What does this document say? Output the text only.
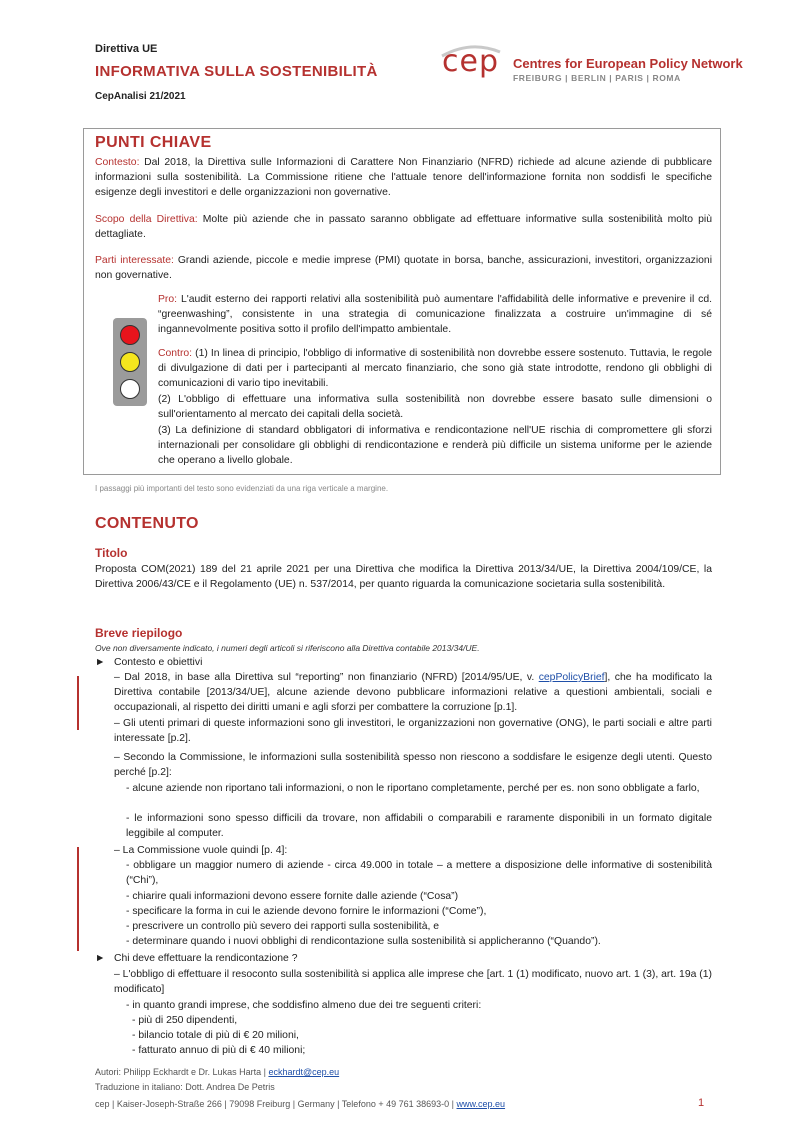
Direttiva UE
INFORMATIVA SULLA SOSTENIBILITÀ
CepAnalisi 21/2021
cep Centres for European Policy Network
FREIBURG | BERLIN | PARIS | ROMA
PUNTI CHIAVE
Contesto: Dal 2018, la Direttiva sulle Informazioni di Carattere Non Finanziario (NFRD) richiede ad alcune aziende di pubblicare informazioni sulla sostenibilità. La Commissione ritiene che l'attuale tenore dell'informazione fornita non soddisfi le specifiche esigenze degli investitori e delle organizzazioni non governative.
Scopo della Direttiva: Molte più aziende che in passato saranno obbligate ad effettuare informative sulla sostenibilità molto più dettagliate.
Parti interessate: Grandi aziende, piccole e medie imprese (PMI) quotate in borsa, banche, assicurazioni, investitori, organizzazioni non governative.
Pro: L'audit esterno dei rapporti relativi alla sostenibilità può aumentare l'affidabilità delle informative e prevenire il cd. “greenwashing”, consistente in una strategia di comunicazione finalizzata a costruire un'immagine di sé ingannevolmente positiva sotto il profilo dell'impatto ambientale.
Contro: (1) In linea di principio, l'obbligo di informative di sostenibilità non dovrebbe essere sostenuto. Tuttavia, le regole di divulgazione di dati per i partecipanti al mercato finanziario, che sono già state introdotte, rendono gli obblighi di comunicazioni di vario tipo inevitabili.
(2) L'obbligo di effettuare una informativa sulla sostenibilità non dovrebbe essere basato sulle dimensioni o sull'orientamento al mercato dei capitali della società.
(3) La definizione di standard obbligatori di informativa e rendicontazione nell'UE rischia di compromettere gli sforzi internazionali per consolidare gli obblighi di rendicontazione e renderà più difficile un sistema uniforme per le aziende che operano a livello globale.
I passaggi più importanti del testo sono evidenziati da una riga verticale a margine.
CONTENUTO
Titolo
Proposta COM(2021) 189 del 21 aprile 2021 per una Direttiva che modifica la Direttiva 2013/34/UE, la Direttiva 2004/109/CE, la Direttiva 2006/43/CE e il Regolamento (UE) n. 537/2014, per quanto riguarda la comunicazione societaria sulla sostenibilità.
Breve riepilogo
Ove non diversamente indicato, i numeri degli articoli si riferiscono alla Direttiva contabile 2013/34/UE.
► Contesto e obiettivi
– Dal 2018, in base alla Direttiva sul “reporting” non finanziario (NFRD) [2014/95/UE, v. cepPolicyBrief], che ha modificato la Direttiva contabile [2013/34/UE], alcune aziende devono pubblicare informazioni relative a questioni ambientali, sociali e occupazionali, al rispetto dei diritti umani e agli sforzi per combattere la corruzione [p.1].
– Gli utenti primari di queste informazioni sono gli investitori, le organizzazioni non governative (ONG), le parti sociali e altre parti interessate [p.2].
– Secondo la Commissione, le informazioni sulla sostenibilità spesso non riescono a soddisfare le esigenze degli utenti. Questo perché [p.2]:
- alcune aziende non riportano tali informazioni, o non le riportano completamente, perché per es. non sono obbligate a farlo,
- le informazioni sono spesso difficili da trovare, non affidabili o comparabili e raramente disponibili in un formato digitale leggibile al computer.
– La Commissione vuole quindi [p. 4]:
- obbligare un maggior numero di aziende - circa 49.000 in totale – a mettere a disposizione delle informative di sostenibilità (“Chi”),
- chiarire quali informazioni devono essere fornite dalle aziende (“Cosa”)
- specificare la forma in cui le aziende devono fornire le informazioni (“Come”),
- prescrivere un controllo più severo dei rapporti sulla sostenibilità, e
- determinare quando i nuovi obblighi di rendicontazione sulla sostenibilità si applicheranno (“Quando”).
► Chi deve effettuare la rendicontazione ?
– L'obbligo di effettuare il resoconto sulla sostenibilità si applica alle imprese che [art. 1 (1) modificato, nuovo art. 1 (3), art. 19a (1) modificato]
- in quanto grandi imprese, che soddisfino almeno due dei tre seguenti criteri:
- più di 250 dipendenti,
- bilancio totale di più di € 20 milioni,
- fatturato annuo di più di € 40 milioni;
Autori: Philipp Eckhardt e Dr. Lukas Harta | eckhardt@cep.eu
Traduzione in italiano: Dott. Andrea De Petris
cep | Kaiser-Joseph-Straße 266 | 79098 Freiburg | Germany | Telefono + 49 761 38693-0 | www.cep.eu	1
